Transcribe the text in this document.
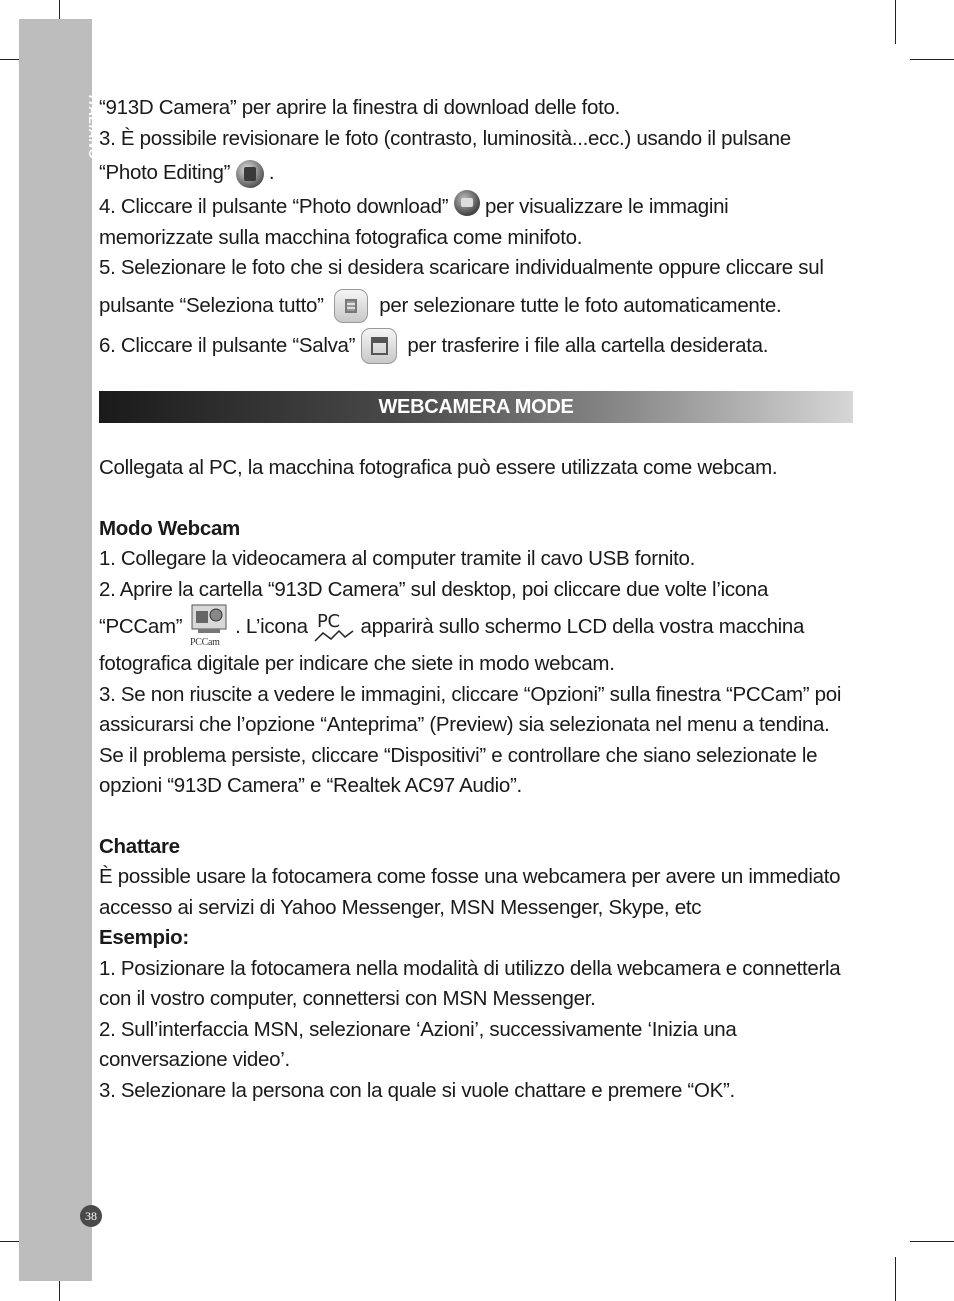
ITALIANO
38

“913D Camera” per aprire la finestra di download delle foto.

3. È possibile revisionare le foto (contrasto, luminosità...ecc.) usando il pulsane

“Photo Editing” .

4. Cliccare il pulsante “Photo download” per visualizzare le immagini

memorizzate sulla macchina fotografica come minifoto.

5. Selezionare le foto che si desidera scaricare individualmente oppure cliccare sul

pulsante “Seleziona tutto”	per selezionare tutte le foto automaticamente.

6. Cliccare il pulsante “Salva”	per trasferire i file alla cartella desiderata.

WEBCAMERA MODE

Collegata al PC, la macchina fotografica può essere utilizzata come webcam.

Modo Webcam

1. Collegare la videocamera al computer tramite il cavo USB fornito.

2. Aprire la cartella “913D Camera” sul desktop, poi cliccare due volte l’icona

“PCCam”
PCCam
. L’icona PC apparirà sullo schermo LCD della vostra macchina

fotografica digitale per indicare che siete in modo webcam.

3. Se non riuscite a vedere le immagini, cliccare “Opzioni” sulla finestra “PCCam” poi

assicurarsi che l’opzione “Anteprima” (Preview) sia selezionata nel menu a tendina.

Se il problema persiste, cliccare “Dispositivi” e controllare che siano selezionate le

opzioni “913D Camera” e “Realtek AC97 Audio”.

Chattare

È possible usare la fotocamera come fosse una webcamera per avere un immediato

accesso ai servizi di Yahoo Messenger, MSN Messenger, Skype, etc

Esempio:

1. Posizionare la fotocamera nella modalità di utilizzo della webcamera e connetterla

con il vostro computer, connettersi con MSN Messenger.

2. Sull’interfaccia MSN, selezionare ‘Azioni’, successivamente ‘Inizia una

conversazione video’.

3. Selezionare la persona con la quale si vuole chattare e premere “OK”.
